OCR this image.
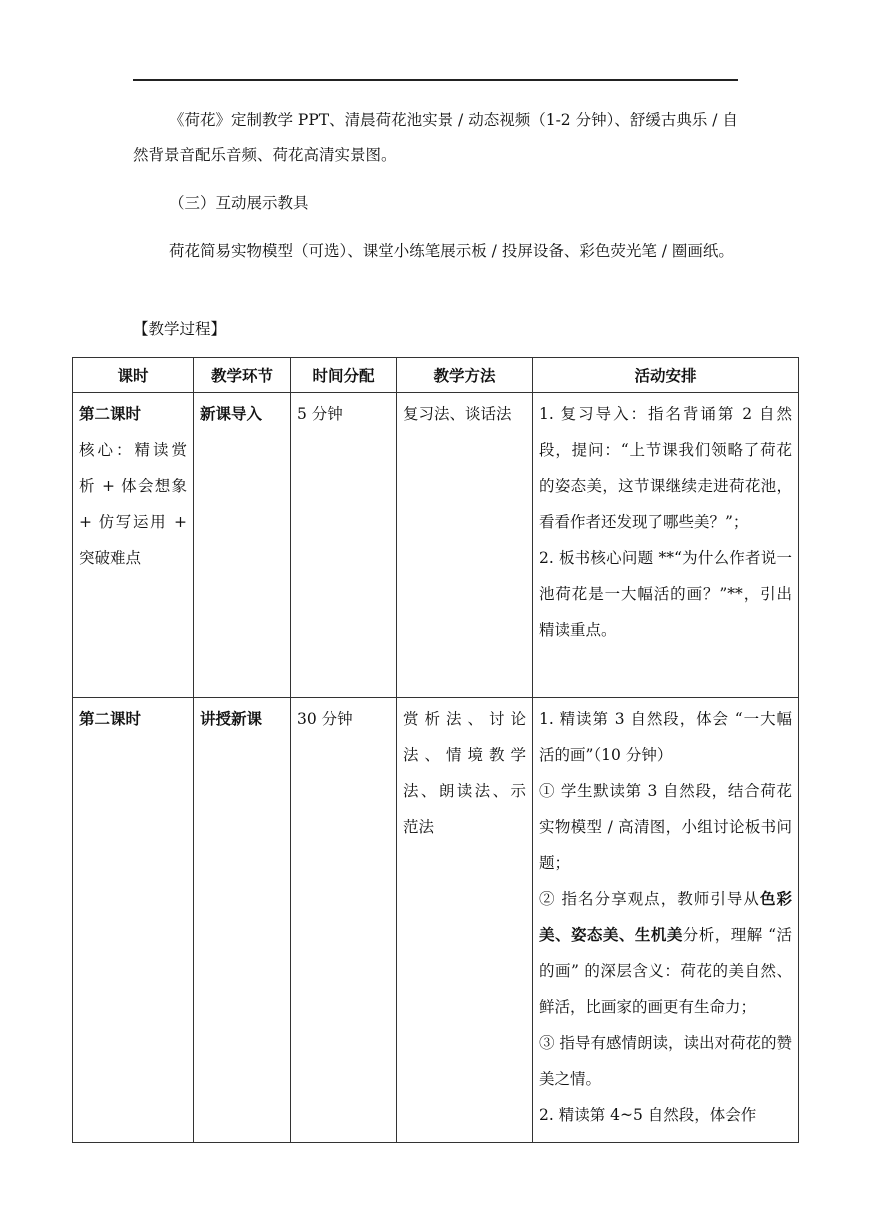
《荷花》定制教学 PPT、清晨荷花池实景 / 动态视频（1-2 分钟）、舒缓古典乐 / 自然背景音配乐音频、荷花高清实景图。

（三）互动展示教具

荷花简易实物模型（可选）、课堂小练笔展示板 / 投屏设备、彩色荧光笔 / 圈画纸。

【教学过程】

课时	教学环节	时间分配	教学方法	活动安排

第二课时
核心：精读赏析 + 体会想象 + 仿写运用 + 突破难点	新课导入	5 分钟	复习法、谈话法	1. 复习导入：指名背诵第 2 自然段，提问：“上节课我们领略了荷花的姿态美，这节课继续走进荷花池，看看作者还发现了哪些美？”；
2. 板书核心问题 **“为什么作者说一池荷花是一大幅活的画？”**，引出精读重点。

第二课时	讲授新课	30 分钟	赏析法、讨论法、情境教学法、朗读法、示范法	1. 精读第 3 自然段，体会 “一大幅活的画”（10 分钟）
① 学生默读第 3 自然段，结合荷花实物模型 / 高清图，小组讨论板书问题；
② 指名分享观点，教师引导从色彩美、姿态美、生机美分析，理解 “活的画” 的深层含义：荷花的美自然、鲜活，比画家的画更有生命力；
③ 指导有感情朗读，读出对荷花的赞美之情。
2. 精读第 4~5 自然段，体会作
